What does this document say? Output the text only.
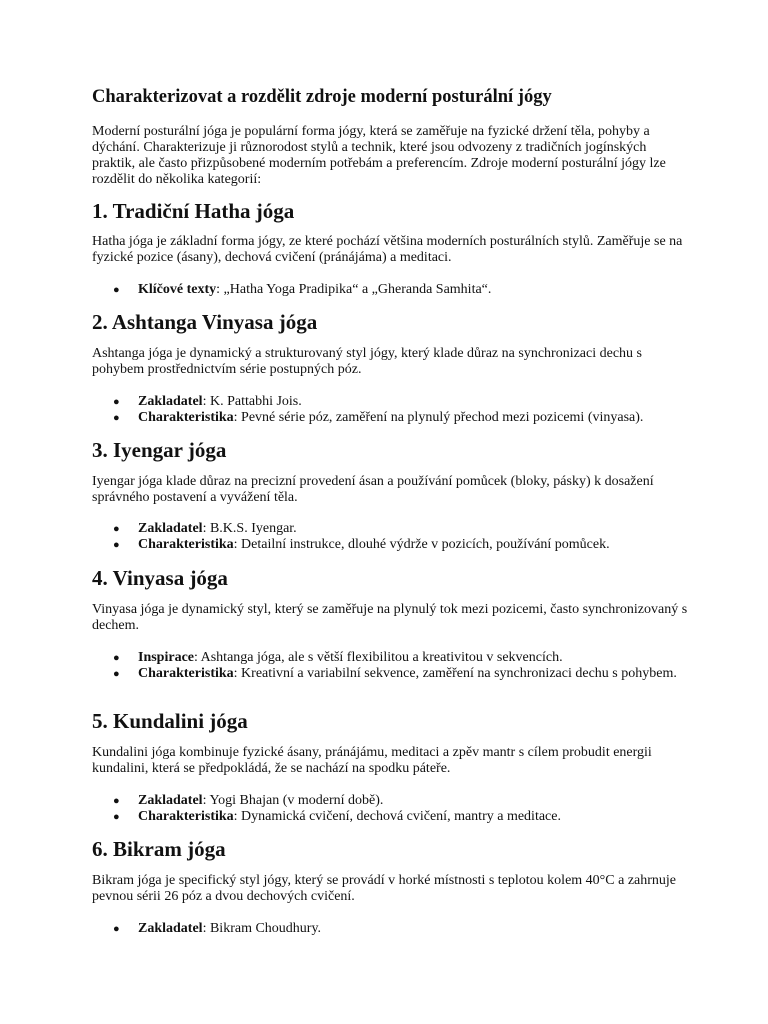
Charakterizovat a rozdělit zdroje moderní posturální jógy

Moderní posturální jóga je populární forma jógy, která se zaměřuje na fyzické držení těla, pohyby a dýchání. Charakterizuje ji různorodost stylů a technik, které jsou odvozeny z tradičních jogínských praktik, ale často přizpůsobené moderním potřebám a preferencím. Zdroje moderní posturální jógy lze rozdělit do několika kategorií:

1. Tradiční Hatha jóga

Hatha jóga je základní forma jógy, ze které pochází většina moderních posturálních stylů. Zaměřuje se na fyzické pozice (ásany), dechová cvičení (pránájáma) a meditaci.

●
Klíčové texty: „Hatha Yoga Pradipika“ a „Gheranda Samhita“.
2. Ashtanga Vinyasa jóga

Ashtanga jóga je dynamický a strukturovaný styl jógy, který klade důraz na synchronizaci dechu s pohybem prostřednictvím série postupných póz.

●
Zakladatel: K. Pattabhi Jois.
●
Charakteristika: Pevné série póz, zaměření na plynulý přechod mezi pozicemi (vinyasa).
3. Iyengar jóga

Iyengar jóga klade důraz na precizní provedení ásan a používání pomůcek (bloky, pásky) k dosažení správného postavení a vyvážení těla.

●
Zakladatel: B.K.S. Iyengar.
●
Charakteristika: Detailní instrukce, dlouhé výdrže v pozicích, používání pomůcek.
4. Vinyasa jóga

Vinyasa jóga je dynamický styl, který se zaměřuje na plynulý tok mezi pozicemi, často synchronizovaný s dechem.

●
Inspirace: Ashtanga jóga, ale s větší flexibilitou a kreativitou v sekvencích.
●
Charakteristika: Kreativní a variabilní sekvence, zaměření na synchronizaci dechu s pohybem.
5. Kundalini jóga

Kundalini jóga kombinuje fyzické ásany, pránájámu, meditaci a zpěv mantr s cílem probudit energii kundalini, která se předpokládá, že se nachází na spodku páteře.

●
Zakladatel: Yogi Bhajan (v moderní době).
●
Charakteristika: Dynamická cvičení, dechová cvičení, mantry a meditace.
6. Bikram jóga

Bikram jóga je specifický styl jógy, který se provádí v horké místnosti s teplotou kolem 40°C a zahrnuje pevnou sérii 26 póz a dvou dechových cvičení.

●
Zakladatel: Bikram Choudhury.
